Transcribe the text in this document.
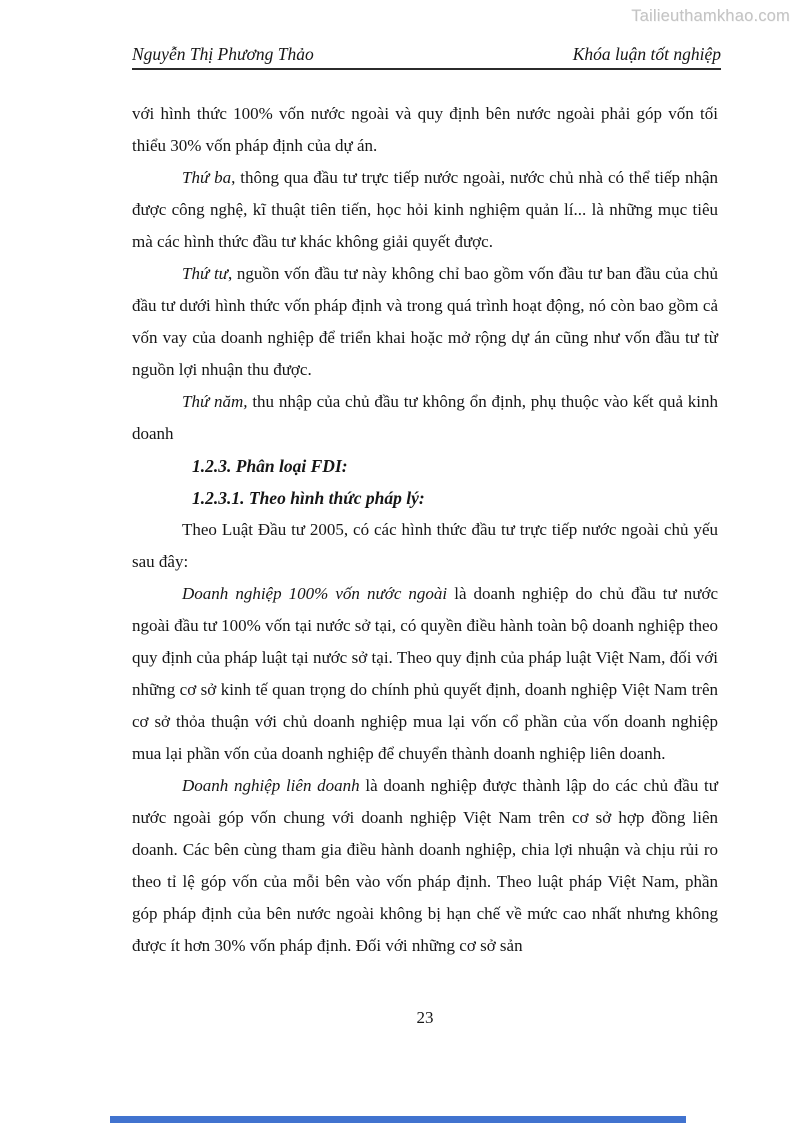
Tailieuthamkhao.com
Nguyễn Thị Phương Thảo	Khóa luận tốt nghiệp

với hình thức 100% vốn nước ngoài và quy định bên nước ngoài phải góp vốn tối thiểu 30% vốn pháp định của dự án.

Thứ ba, thông qua đầu tư trực tiếp nước ngoài, nước chủ nhà có thể tiếp nhận được công nghệ, kĩ thuật tiên tiến, học hỏi kinh nghiệm quản lí... là những mục tiêu mà các hình thức đầu tư khác không giải quyết được.

Thứ tư, nguồn vốn đầu tư này không chỉ bao gồm vốn đầu tư ban đầu của chủ đầu tư dưới hình thức vốn pháp định và trong quá trình hoạt động, nó còn bao gồm cả vốn vay của doanh nghiệp để triển khai hoặc mở rộng dự án cũng như vốn đầu tư từ nguồn lợi nhuận thu được.

Thứ năm, thu nhập của chủ đầu tư không ổn định, phụ thuộc vào kết quả kinh doanh

1.2.3. Phân loại FDI:

1.2.3.1. Theo hình thức pháp lý:

Theo Luật Đầu tư 2005, có các hình thức đầu tư trực tiếp nước ngoài chủ yếu sau đây:

Doanh nghiệp 100% vốn nước ngoài là doanh nghiệp do chủ đầu tư nước ngoài đầu tư 100% vốn tại nước sở tại, có quyền điều hành toàn bộ doanh nghiệp theo quy định của pháp luật tại nước sở tại. Theo quy định của pháp luật Việt Nam, đối với những cơ sở kinh tế quan trọng do chính phủ quyết định, doanh nghiệp Việt Nam trên cơ sở thỏa thuận với chủ doanh nghiệp mua lại vốn cổ phần của vốn doanh nghiệp mua lại phần vốn của doanh nghiệp để chuyển thành doanh nghiệp liên doanh.

Doanh nghiệp liên doanh là doanh nghiệp được thành lập do các chủ đầu tư nước ngoài góp vốn chung với doanh nghiệp Việt Nam trên cơ sở hợp đồng liên doanh. Các bên cùng tham gia điều hành doanh nghiệp, chia lợi nhuận và chịu rủi ro theo tỉ lệ góp vốn của mỗi bên vào vốn pháp định. Theo luật pháp Việt Nam, phần góp pháp định của bên nước ngoài không bị hạn chế về mức cao nhất nhưng không được ít hơn 30% vốn pháp định. Đối với những cơ sở sản

23
